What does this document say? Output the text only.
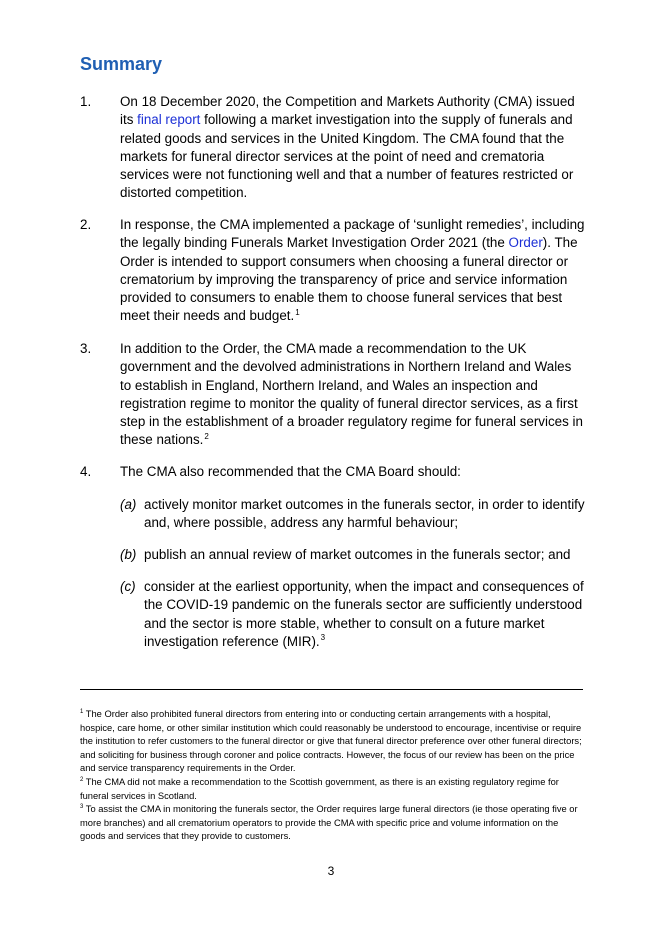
Summary
1. On 18 December 2020, the Competition and Markets Authority (CMA) issued its final report following a market investigation into the supply of funerals and related goods and services in the United Kingdom. The CMA found that the markets for funeral director services at the point of need and crematoria services were not functioning well and that a number of features restricted or distorted competition.
2. In response, the CMA implemented a package of ‘sunlight remedies’, including the legally binding Funerals Market Investigation Order 2021 (the Order). The Order is intended to support consumers when choosing a funeral director or crematorium by improving the transparency of price and service information provided to consumers to enable them to choose funeral services that best meet their needs and budget.$^1$
3. In addition to the Order, the CMA made a recommendation to the UK government and the devolved administrations in Northern Ireland and Wales to establish in England, Northern Ireland, and Wales an inspection and registration regime to monitor the quality of funeral director services, as a first step in the establishment of a broader regulatory regime for funeral services in these nations.$^2$
4. The CMA also recommended that the CMA Board should:
(a) actively monitor market outcomes in the funerals sector, in order to identify and, where possible, address any harmful behaviour;
(b) publish an annual review of market outcomes in the funerals sector; and
(c) consider at the earliest opportunity, when the impact and consequences of the COVID-19 pandemic on the funerals sector are sufficiently understood and the sector is more stable, whether to consult on a future market investigation reference (MIR).$^3$

$^1$ The Order also prohibited funeral directors from entering into or conducting certain arrangements with a hospital, hospice, care home, or other similar institution which could reasonably be understood to encourage, incentivise or require the institution to refer customers to the funeral director or give that funeral director preference over other funeral directors; and soliciting for business through coroner and police contracts. However, the focus of our review has been on the price and service transparency requirements in the Order.

$^2$ The CMA did not make a recommendation to the Scottish government, as there is an existing regulatory regime for funeral services in Scotland.

$^3$ To assist the CMA in monitoring the funerals sector, the Order requires large funeral directors (ie those operating five or more branches) and all crematorium operators to provide the CMA with specific price and volume information on the goods and services that they provide to customers.

3
